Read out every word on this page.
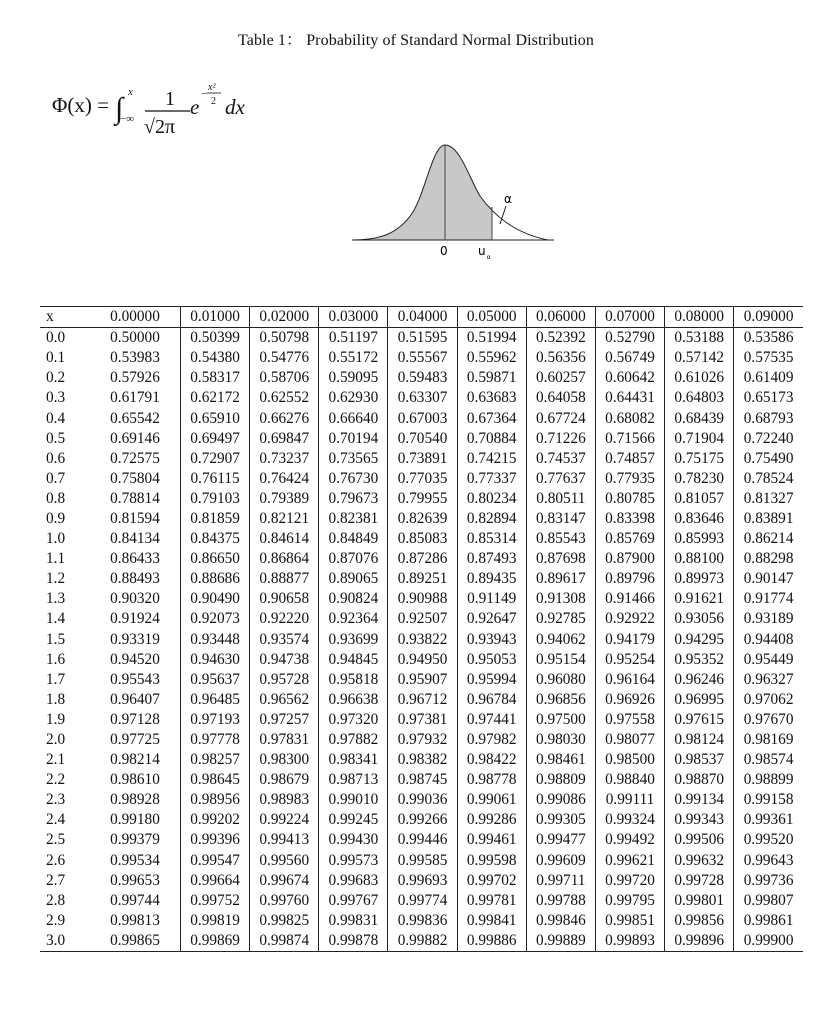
Table 1： Probability of Standard Normal Distribution
Φ(x) = ∫ x
−∞
1
√2π
e
−
x²
2 dx
α
0	$u_\alpha$
x	0.00000	0.01000	0.02000	0.03000	0.04000	0.05000	0.06000	0.07000	0.08000	0.09000
0.0	0.50000	0.50399	0.50798	0.51197	0.51595	0.51994	0.52392	0.52790	0.53188	0.53586
0.1	0.53983	0.54380	0.54776	0.55172	0.55567	0.55962	0.56356	0.56749	0.57142	0.57535
0.2	0.57926	0.58317	0.58706	0.59095	0.59483	0.59871	0.60257	0.60642	0.61026	0.61409
0.3	0.61791	0.62172	0.62552	0.62930	0.63307	0.63683	0.64058	0.64431	0.64803	0.65173
0.4	0.65542	0.65910	0.66276	0.66640	0.67003	0.67364	0.67724	0.68082	0.68439	0.68793
0.5	0.69146	0.69497	0.69847	0.70194	0.70540	0.70884	0.71226	0.71566	0.71904	0.72240
0.6	0.72575	0.72907	0.73237	0.73565	0.73891	0.74215	0.74537	0.74857	0.75175	0.75490
0.7	0.75804	0.76115	0.76424	0.76730	0.77035	0.77337	0.77637	0.77935	0.78230	0.78524
0.8	0.78814	0.79103	0.79389	0.79673	0.79955	0.80234	0.80511	0.80785	0.81057	0.81327
0.9	0.81594	0.81859	0.82121	0.82381	0.82639	0.82894	0.83147	0.83398	0.83646	0.83891
1.0	0.84134	0.84375	0.84614	0.84849	0.85083	0.85314	0.85543	0.85769	0.85993	0.86214
1.1	0.86433	0.86650	0.86864	0.87076	0.87286	0.87493	0.87698	0.87900	0.88100	0.88298
1.2	0.88493	0.88686	0.88877	0.89065	0.89251	0.89435	0.89617	0.89796	0.89973	0.90147
1.3	0.90320	0.90490	0.90658	0.90824	0.90988	0.91149	0.91308	0.91466	0.91621	0.91774
1.4	0.91924	0.92073	0.92220	0.92364	0.92507	0.92647	0.92785	0.92922	0.93056	0.93189
1.5	0.93319	0.93448	0.93574	0.93699	0.93822	0.93943	0.94062	0.94179	0.94295	0.94408
1.6	0.94520	0.94630	0.94738	0.94845	0.94950	0.95053	0.95154	0.95254	0.95352	0.95449
1.7	0.95543	0.95637	0.95728	0.95818	0.95907	0.95994	0.96080	0.96164	0.96246	0.96327
1.8	0.96407	0.96485	0.96562	0.96638	0.96712	0.96784	0.96856	0.96926	0.96995	0.97062
1.9	0.97128	0.97193	0.97257	0.97320	0.97381	0.97441	0.97500	0.97558	0.97615	0.97670
2.0	0.97725	0.97778	0.97831	0.97882	0.97932	0.97982	0.98030	0.98077	0.98124	0.98169
2.1	0.98214	0.98257	0.98300	0.98341	0.98382	0.98422	0.98461	0.98500	0.98537	0.98574
2.2	0.98610	0.98645	0.98679	0.98713	0.98745	0.98778	0.98809	0.98840	0.98870	0.98899
2.3	0.98928	0.98956	0.98983	0.99010	0.99036	0.99061	0.99086	0.99111	0.99134	0.99158
2.4	0.99180	0.99202	0.99224	0.99245	0.99266	0.99286	0.99305	0.99324	0.99343	0.99361
2.5	0.99379	0.99396	0.99413	0.99430	0.99446	0.99461	0.99477	0.99492	0.99506	0.99520
2.6	0.99534	0.99547	0.99560	0.99573	0.99585	0.99598	0.99609	0.99621	0.99632	0.99643
2.7	0.99653	0.99664	0.99674	0.99683	0.99693	0.99702	0.99711	0.99720	0.99728	0.99736
2.8	0.99744	0.99752	0.99760	0.99767	0.99774	0.99781	0.99788	0.99795	0.99801	0.99807
2.9	0.99813	0.99819	0.99825	0.99831	0.99836	0.99841	0.99846	0.99851	0.99856	0.99861
3.0	0.99865	0.99869	0.99874	0.99878	0.99882	0.99886	0.99889	0.99893	0.99896	0.99900
